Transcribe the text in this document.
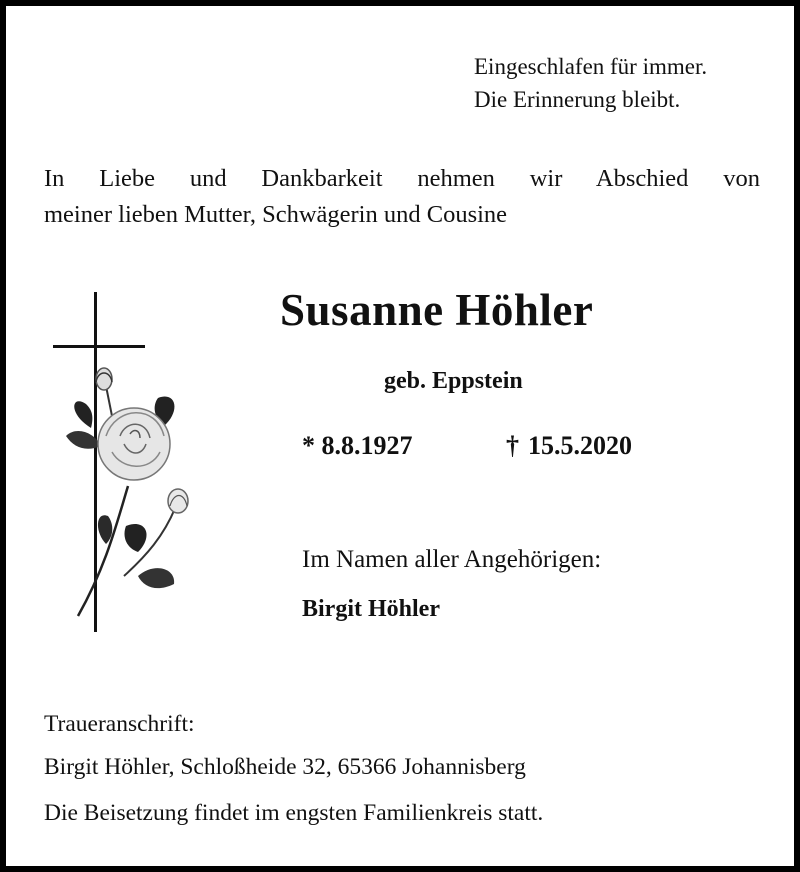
Eingeschlafen für immer.
Die Erinnerung bleibt.
In Liebe und Dankbarkeit nehmen wir Abschied von
meiner lieben Mutter, Schwägerin und Cousine
Susanne Höhler
geb. Eppstein
* 8.8.1927	† 15.5.2020
Im Namen aller Angehörigen:
Birgit Höhler
Traueranschrift:
Birgit Höhler, Schloßheide 32, 65366 Johannisberg
Die Beisetzung findet im engsten Familienkreis statt.
